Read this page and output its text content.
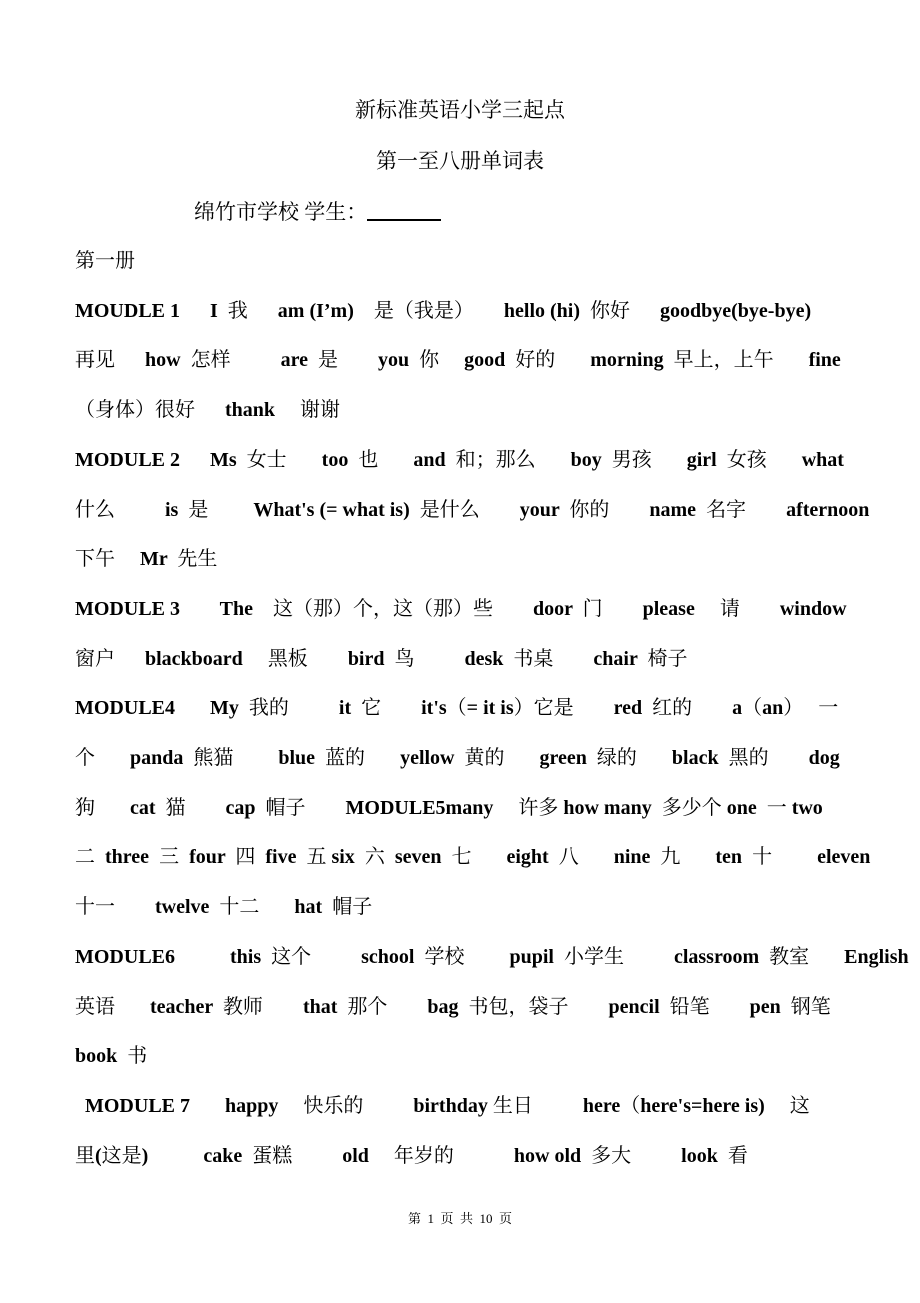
新标准英语小学三起点
第一至八册单词表
绵竹市学校 学生：
第一册
MOUDLE 1      I  我      am (I’m)    是（我是）      hello (hi)  你好      goodbye(bye-bye)
再见      how  怎样          are  是        you  你     good  好的       morning  早上，上午       fine
（身体）很好      thank     谢谢
MODULE 2      Ms  女士       too  也       and  和；那么       boy  男孩       girl  女孩       what
什么          is  是         What's (= what is)  是什么        your  你的        name  名字        afternoon
下午     Mr  先生
MODULE 3        The    这（那）个，这（那）些        door  门        please     请        window
窗户      blackboard     黑板        bird  鸟          desk  书桌        chair  椅子
MODULE4       My  我的          it  它        it's（= it is）它是        red  红的        a（an） 一
个       panda  熊猫         blue  蓝的       yellow  黄的       green  绿的       black  黑的        dog
狗       cat  猫        cap  帽子        MODULE5many     许多 how many  多少个 one  一 two
二  three  三  four  四  five  五 six  六  seven  七       eight  八       nine  九       ten  十         eleven
十一        twelve  十二       hat  帽子
MODULE6           this  这个          school  学校         pupil  小学生          classroom  教室       English
英语       teacher  教师        that  那个        bag  书包，袋子        pencil  铅笔        pen  钢笔
book  书
MODULE 7       happy     快乐的          birthday 生日          here（here's=here is)     这
里(这是)           cake  蛋糕          old     年岁的            how old  多大          look  看
第  1  页  共  10  页
